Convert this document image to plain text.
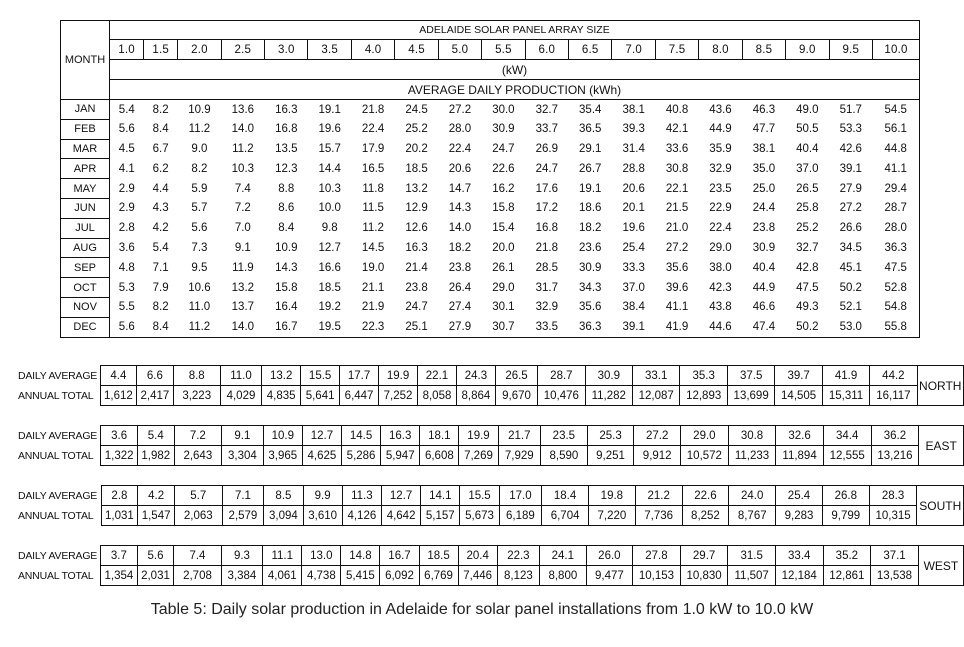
MONTH	ADELAIDE SOLAR PANEL ARRAY SIZE																		
	1.0	1.5	2.0	2.5	3.0	3.5	4.0	4.5	5.0	5.5	6.0	6.5	7.0	7.5	8.0	8.5	9.0	9.5	10.0
	(kW)																		
	AVERAGE DAILY PRODUCTION (kWh)																		
JAN	5.4	8.2	10.9	13.6	16.3	19.1	21.8	24.5	27.2	30.0	32.7	35.4	38.1	40.8	43.6	46.3	49.0	51.7	54.5
FEB	5.6	8.4	11.2	14.0	16.8	19.6	22.4	25.2	28.0	30.9	33.7	36.5	39.3	42.1	44.9	47.7	50.5	53.3	56.1
MAR	4.5	6.7	9.0	11.2	13.5	15.7	17.9	20.2	22.4	24.7	26.9	29.1	31.4	33.6	35.9	38.1	40.4	42.6	44.8
APR	4.1	6.2	8.2	10.3	12.3	14.4	16.5	18.5	20.6	22.6	24.7	26.7	28.8	30.8	32.9	35.0	37.0	39.1	41.1
MAY	2.9	4.4	5.9	7.4	8.8	10.3	11.8	13.2	14.7	16.2	17.6	19.1	20.6	22.1	23.5	25.0	26.5	27.9	29.4
JUN	2.9	4.3	5.7	7.2	8.6	10.0	11.5	12.9	14.3	15.8	17.2	18.6	20.1	21.5	22.9	24.4	25.8	27.2	28.7
JUL	2.8	4.2	5.6	7.0	8.4	9.8	11.2	12.6	14.0	15.4	16.8	18.2	19.6	21.0	22.4	23.8	25.2	26.6	28.0
AUG	3.6	5.4	7.3	9.1	10.9	12.7	14.5	16.3	18.2	20.0	21.8	23.6	25.4	27.2	29.0	30.9	32.7	34.5	36.3
SEP	4.8	7.1	9.5	11.9	14.3	16.6	19.0	21.4	23.8	26.1	28.5	30.9	33.3	35.6	38.0	40.4	42.8	45.1	47.5
OCT	5.3	7.9	10.6	13.2	15.8	18.5	21.1	23.8	26.4	29.0	31.7	34.3	37.0	39.6	42.3	44.9	47.5	50.2	52.8
NOV	5.5	8.2	11.0	13.7	16.4	19.2	21.9	24.7	27.4	30.1	32.9	35.6	38.4	41.1	43.8	46.6	49.3	52.1	54.8
DEC	5.6	8.4	11.2	14.0	16.7	19.5	22.3	25.1	27.9	30.7	33.5	36.3	39.1	41.9	44.6	47.4	50.2	53.0	55.8
DAILY AVERAGE	4.4	6.6	8.8	11.0	13.2	15.5	17.7	19.9	22.1	24.3	26.5	28.7	30.9	33.1	35.3	37.5	39.7	41.9	44.2	NORTH
ANNUAL TOTAL	1,612	2,417	3,223	4,029	4,835	5,641	6,447	7,252	8,058	8,864	9,670	10,476	11,282	12,087	12,893	13,699	14,505	15,311	16,117	
DAILY AVERAGE	3.6	5.4	7.2	9.1	10.9	12.7	14.5	16.3	18.1	19.9	21.7	23.5	25.3	27.2	29.0	30.8	32.6	34.4	36.2	EAST
ANNUAL TOTAL	1,322	1,982	2,643	3,304	3,965	4,625	5,286	5,947	6,608	7,269	7,929	8,590	9,251	9,912	10,572	11,233	11,894	12,555	13,216	
DAILY AVERAGE	2.8	4.2	5.7	7.1	8.5	9.9	11.3	12.7	14.1	15.5	17.0	18.4	19.8	21.2	22.6	24.0	25.4	26.8	28.3	SOUTH
ANNUAL TOTAL	1,031	1,547	2,063	2,579	3,094	3,610	4,126	4,642	5,157	5,673	6,189	6,704	7,220	7,736	8,252	8,767	9,283	9,799	10,315	
DAILY AVERAGE	3.7	5.6	7.4	9.3	11.1	13.0	14.8	16.7	18.5	20.4	22.3	24.1	26.0	27.8	29.7	31.5	33.4	35.2	37.1	WEST
ANNUAL TOTAL	1,354	2,031	2,708	3,384	4,061	4,738	5,415	6,092	6,769	7,446	8,123	8,800	9,477	10,153	10,830	11,507	12,184	12,861	13,538	
Table 5: Daily solar production in Adelaide for solar panel installations from 1.0 kW to 10.0 kW
